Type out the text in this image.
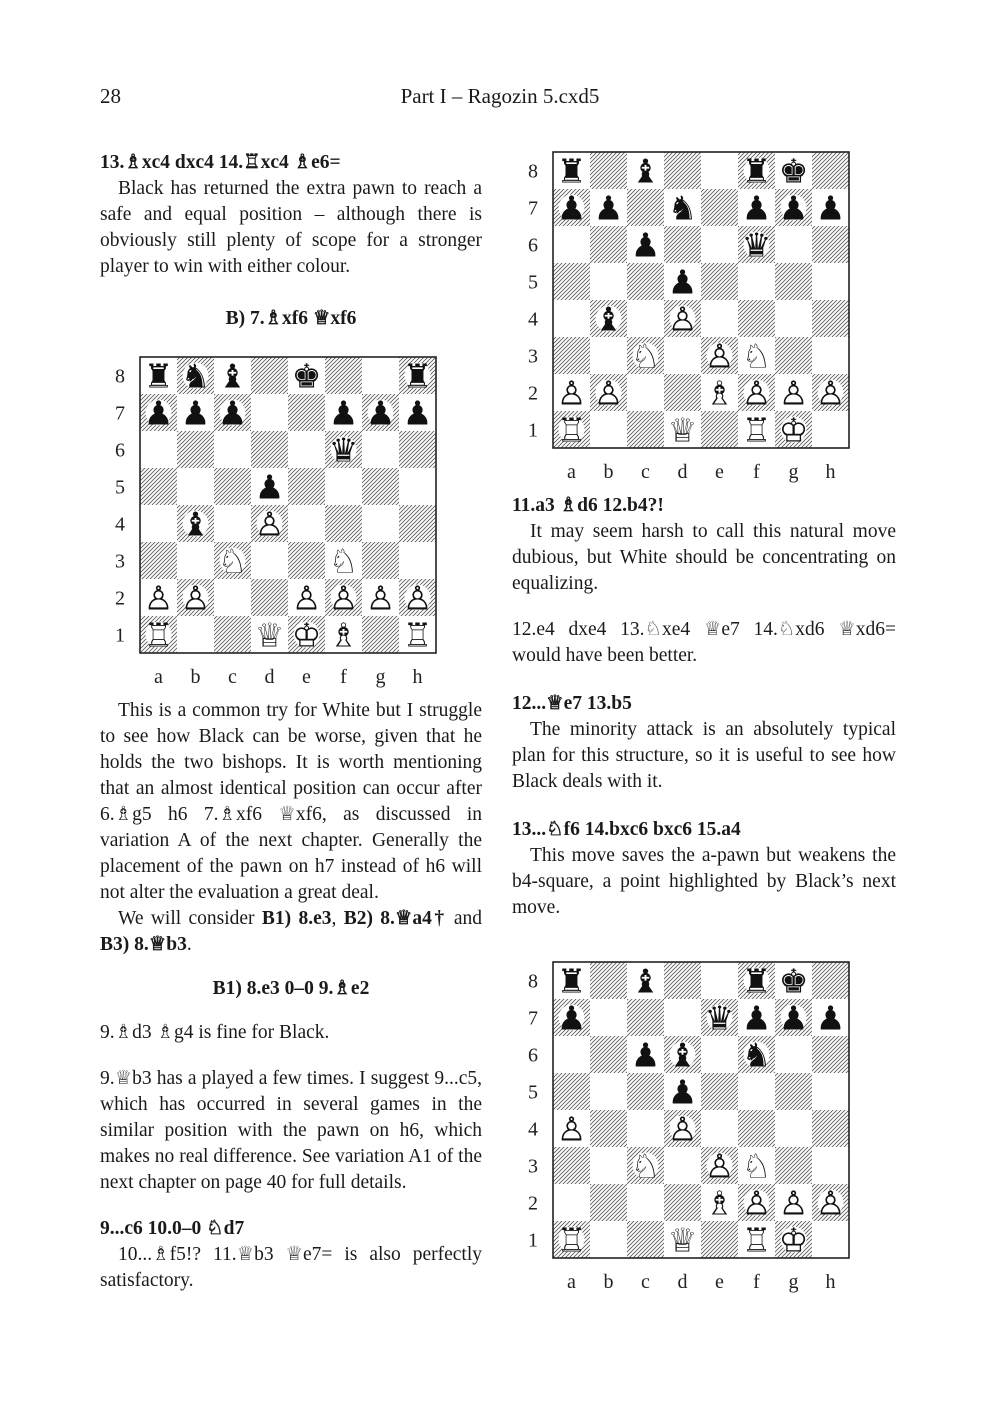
28	Part I – Ragozin 5.cxd5

13.♗xc4 dxc4 14.♖xc4 ♗e6=

Black has returned the extra pawn to reach a safe and equal position – although there is obviously still plenty of scope for a stronger player to win with either colour.

B) 7.♗xf6 ♕xf6

♜ ♞ ♝ ♚ ♜
♟ ♟ ♟ ♟ ♟ ♟
♛
♟
♝ ♙
♘ ♘
♙ ♙ ♙ ♙ ♙ ♙
♖ ♕ ♔ ♗ ♖
8
7
6
5
4
3
2
1
a b c d e f g h

This is a common try for White but I struggle to see how Black can be worse, given that he holds the two bishops. It is worth mentioning that an almost identical position can occur after 6.♗g5 h6 7.♗xf6 ♕xf6, as discussed in variation A of the next chapter. Generally the placement of the pawn on h7 instead of h6 will not alter the evaluation a great deal.

We will consider B1) 8.e3, B2) 8.♕a4† and B3) 8.♕b3.

B1) 8.e3 0–0 9.♗e2

9.♗d3 ♗g4 is fine for Black.

9.♕b3 has a played a few times. I suggest 9...c5, which has occurred in several games in the similar position with the pawn on h6, which makes no real difference. See variation A1 of the next chapter on page 40 for full details.

9...c6 10.0–0 ♘d7

10...♗f5!? 11.♕b3 ♕e7= is also perfectly satisfactory.

♜ ♝ ♜ ♚
♟ ♟ ♞ ♟ ♟ ♟
♟ ♛
♟
♝ ♙
♘ ♙ ♘
♙ ♙ ♗ ♙ ♙ ♙
♖ ♕ ♖ ♔
8
7
6
5
4
3
2
1
a b c d e f g h

11.a3 ♗d6 12.b4?!

It may seem harsh to call this natural move dubious, but White should be concentrating on equalizing.

12.e4 dxe4 13.♘xe4 ♕e7 14.♘xd6 ♕xd6= would have been better.

12...♕e7 13.b5

The minority attack is an absolutely typical plan for this structure, so it is useful to see how Black deals with it.

13...♘f6 14.bxc6 bxc6 15.a4

This move saves the a-pawn but weakens the b4-square, a point highlighted by Black’s next move.

♜ ♝ ♜ ♚
♟	♛ ♟ ♟ ♟
♟ ♝ ♞
♟
♙ ♙
♘ ♙ ♘
♗ ♙ ♙ ♙
♖ ♕ ♖ ♔
8
7
6
5
4
3
2
1
a b c d e f g h
